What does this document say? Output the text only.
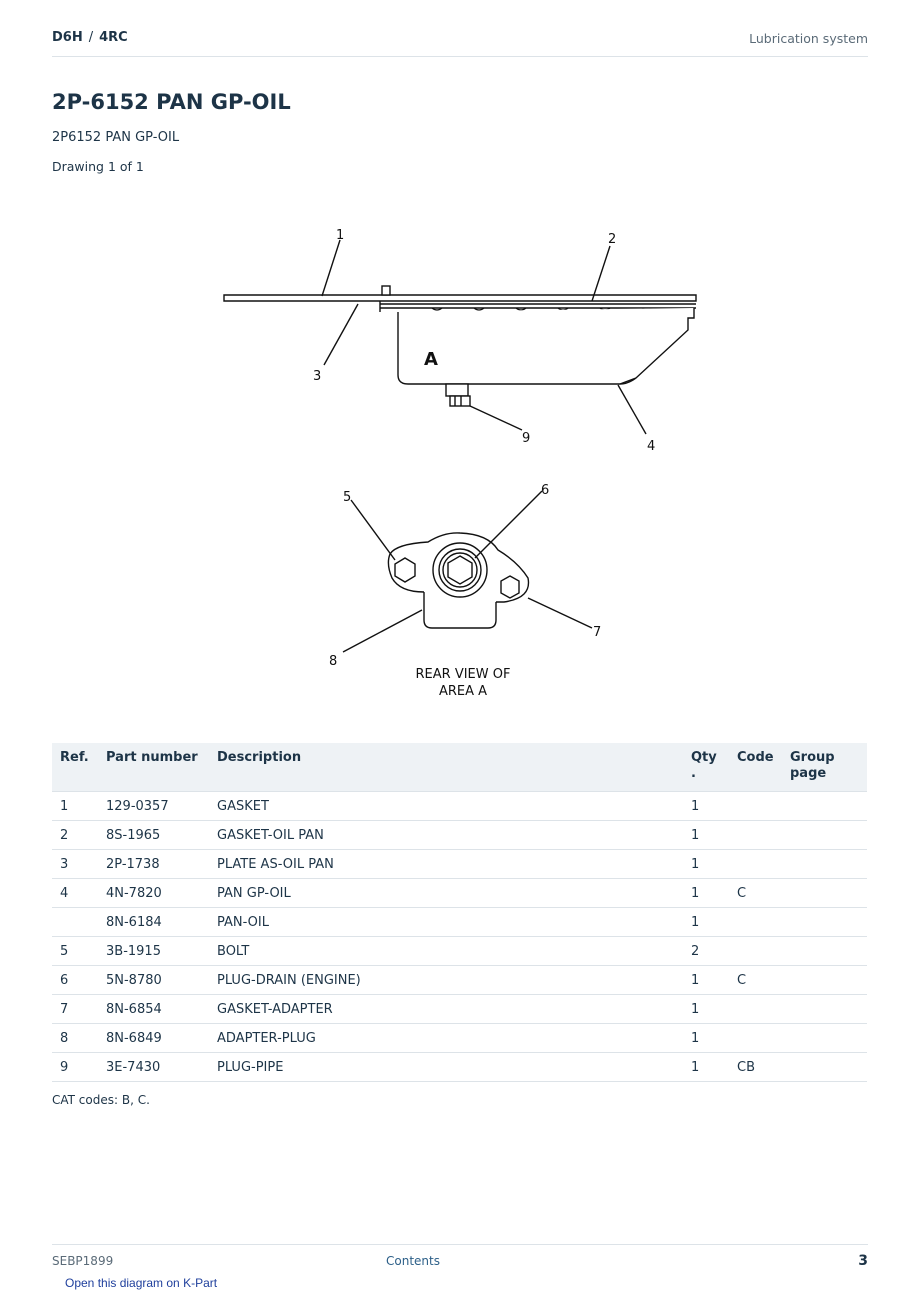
D6H / 4RC	Lubrication system
2P-6152 PAN GP-OIL
2P6152 PAN GP-OIL
Drawing 1 of 1
1	2
3
4
5	6
7
8
9
A
REAR VIEW OF
AREA A
Ref.	Part number	Description	Qty .	Code	Group page
1	129-0357	GASKET	1		
2	8S-1965	GASKET-OIL PAN	1		
3	2P-1738	PLATE AS-OIL PAN	1		
4	4N-7820	PAN GP-OIL	1	C	
	8N-6184	PAN-OIL	1		
5	3B-1915	BOLT	2		
6	5N-8780	PLUG-DRAIN (ENGINE)	1	C	
7	8N-6854	GASKET-ADAPTER	1		
8	8N-6849	ADAPTER-PLUG	1		
9	3E-7430	PLUG-PIPE	1	CB	
CAT codes: B, C.
SEBP1899	Contents	3
Open this diagram on K-Part
